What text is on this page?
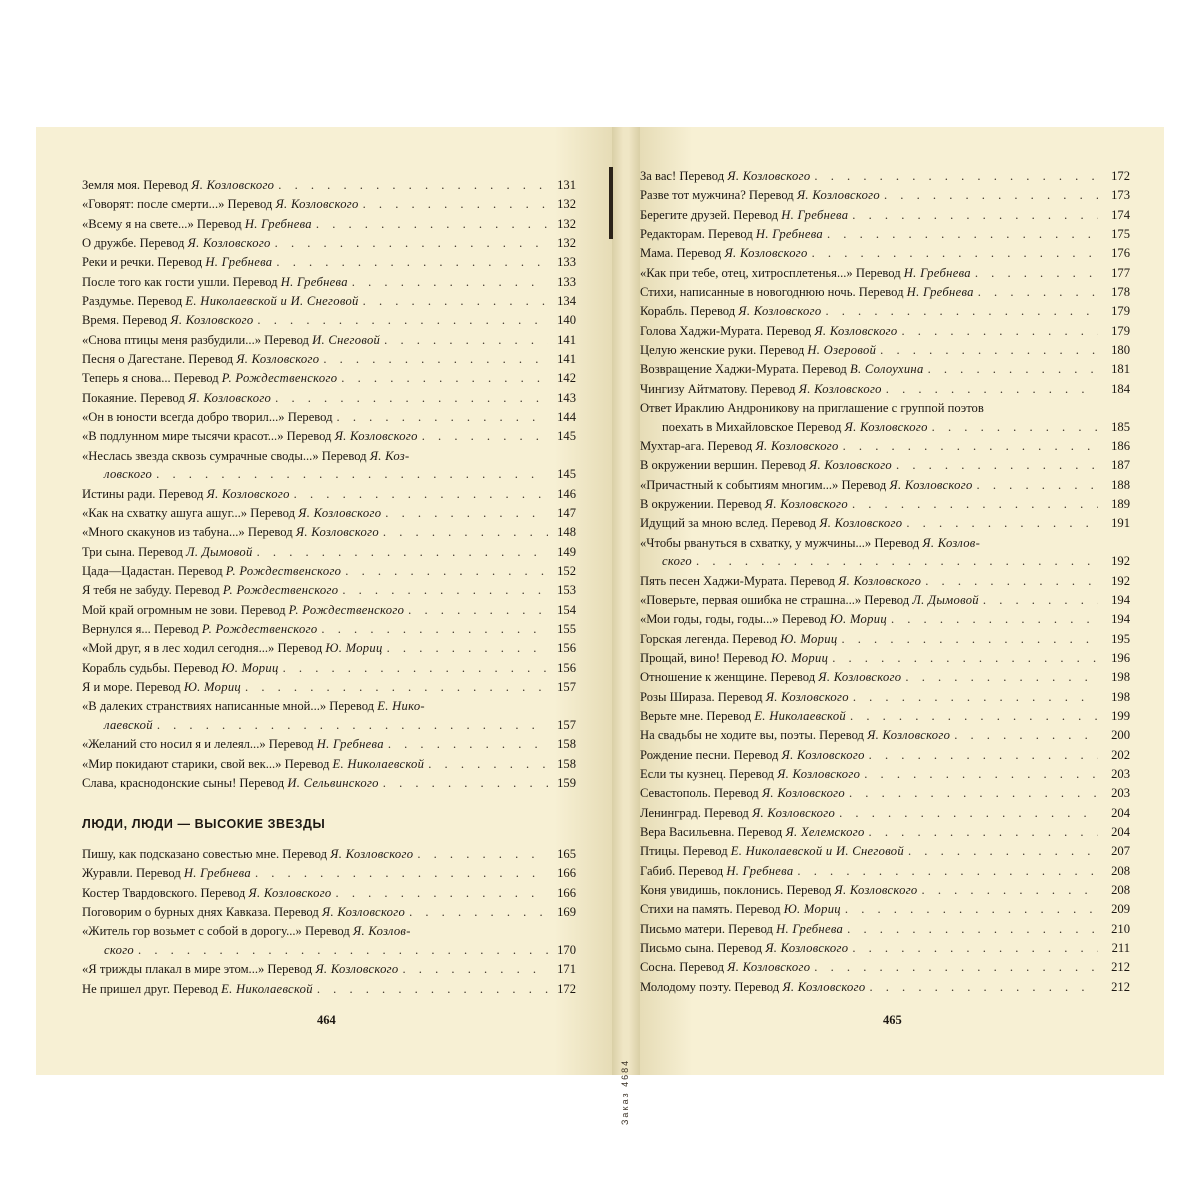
Земля моя. Перевод Я. Козловского . . .	131
«Говорят: после смерти...» Перевод Я. Козловского . . .	132
«Всему я на свете...» Перевод Н. Гребнева . . .	132
О дружбе. Перевод Я. Козловского . . .	132
Реки и речки. Перевод Н. Гребнева . . .	133
После того как гости ушли. Перевод Н. Гребнева . . .	133
Раздумье. Перевод Е. Николаевской и И. Снеговой . . .	134
Время. Перевод Я. Козловского . . .	140
«Снова птицы меня разбудили...» Перевод И. Снеговой . . .	141
Песня о Дагестане. Перевод Я. Козловского . . .	141
Теперь я снова... Перевод Р. Рождественского . . .	142
Покаяние. Перевод Я. Козловского . . .	143
«Он в юности всегда добро творил...» Перевод . . .	144
«В подлунном мире тысячи красот...» Перевод Я. Козловского . . .	145
«Неслась звезда сквозь сумрачные своды...» Перевод Я. Коз-
ловского . . .	145
Истины ради. Перевод Я. Козловского . . .	146
«Как на схватку ашуга ашуг...» Перевод Я. Козловского . . .	147
«Много скакунов из табуна...» Перевод Я. Козловского . . .	148
Три сына. Перевод Л. Дымовой . . .	149
Цада—Цадастан. Перевод Р. Рождественского . . .	152
Я тебя не забуду. Перевод Р. Рождественского . . .	153
Мой край огромным не зови. Перевод Р. Рождественского . . .	154
Вернулся я... Перевод Р. Рождественского . . .	155
«Мой друг, я в лес ходил сегодня...» Перевод Ю. Мориц . . .	156
Корабль судьбы. Перевод Ю. Мориц . . .	156
Я и море. Перевод Ю. Мориц . . .	157
«В далеких странствиях написанные мной...» Перевод Е. Нико-
лаевской . . .	157
«Желаний сто носил я и лелеял...» Перевод Н. Гребнева . . .	158
«Мир покидают старики, свой век...» Перевод Е. Николаевской . . .	158
Слава, краснодонские сыны! Перевод И. Сельвинского . . .	159
ЛЮДИ, ЛЮДИ — ВЫСОКИЕ ЗВЕЗДЫ
Пишу, как подсказано совестью мне. Перевод Я. Козловского . . .	165
Журавли. Перевод Н. Гребнева . . .	166
Костер Твардовского. Перевод Я. Козловского . . .	166
Поговорим о бурных днях Кавказа. Перевод Я. Козловского . . .	169
«Житель гор возьмет с собой в дорогу...» Перевод Я. Козлов-
ского . . .	170
«Я трижды плакал в мире этом...» Перевод Я. Козловского . . .	171
Не пришел друг. Перевод Е. Николаевской . . .	172
За вас! Перевод Я. Козловского . . .	172
Разве тот мужчина? Перевод Я. Козловского . . .	173
Берегите друзей. Перевод Н. Гребнева . . .	174
Редакторам. Перевод Н. Гребнева . . .	175
Мама. Перевод Я. Козловского . . .	176
«Как при тебе, отец, хитросплетенья...» Перевод Н. Гребнева . . .	177
Стихи, написанные в новогоднюю ночь. Перевод Н. Гребнева . . .	178
Корабль. Перевод Я. Козловского . . .	179
Голова Хаджи-Мурата. Перевод Я. Козловского . . .	179
Целую женские руки. Перевод Н. Озеровой . . .	180
Возвращение Хаджи-Мурата. Перевод В. Солоухина . . .	181
Чингизу Айтматову. Перевод Я. Козловского . . .	184
Ответ Ираклию Андроникову на приглашение с группой поэтов
поехать в Михайловское Перевод Я. Козловского . . .	185
Мухтар-ага. Перевод Я. Козловского . . .	186
В окружении вершин. Перевод Я. Козловского . . .	187
«Причастный к событиям многим...» Перевод Я. Козловского . . .	188
В окружении. Перевод Я. Козловского . . .	189
Идущий за мною вслед. Перевод Я. Козловского . . .	191
«Чтобы рвануться в схватку, у мужчины...» Перевод Я. Козлов-
ского . . .	192
Пять песен Хаджи-Мурата. Перевод Я. Козловского . . .	192
«Поверьте, первая ошибка не страшна...» Перевод Л. Дымовой . . .	194
«Мои годы, годы, годы...» Перевод Ю. Мориц . . .	194
Горская легенда. Перевод Ю. Мориц . . .	195
Прощай, вино! Перевод Ю. Мориц . . .	196
Отношение к женщине. Перевод Я. Козловского . . .	198
Розы Шираза. Перевод Я. Козловского . . .	198
Верьте мне. Перевод Е. Николаевской . . .	199
На свадьбы не ходите вы, поэты. Перевод Я. Козловского . . .	200
Рождение песни. Перевод Я. Козловского . . .	202
Если ты кузнец. Перевод Я. Козловского . . .	203
Севастополь. Перевод Я. Козловского . . .	203
Ленинград. Перевод Я. Козловского . . .	204
Вера Васильевна. Перевод Я. Хелемского . . .	204
Птицы. Перевод Е. Николаевской и И. Снеговой . . .	207
Габиб. Перевод Н. Гребнева . . .	208
Коня увидишь, поклонись. Перевод Я. Козловского . . .	208
Стихи на память. Перевод Ю. Мориц . . .	209
Письмо матери. Перевод Н. Гребнева . . .	210
Письмо сына. Перевод Я. Козловского . . .	211
Сосна. Перевод Я. Козловского . . .	212
Молодому поэту. Перевод Я. Козловского . . .	212
464	465
Заказ 4684
